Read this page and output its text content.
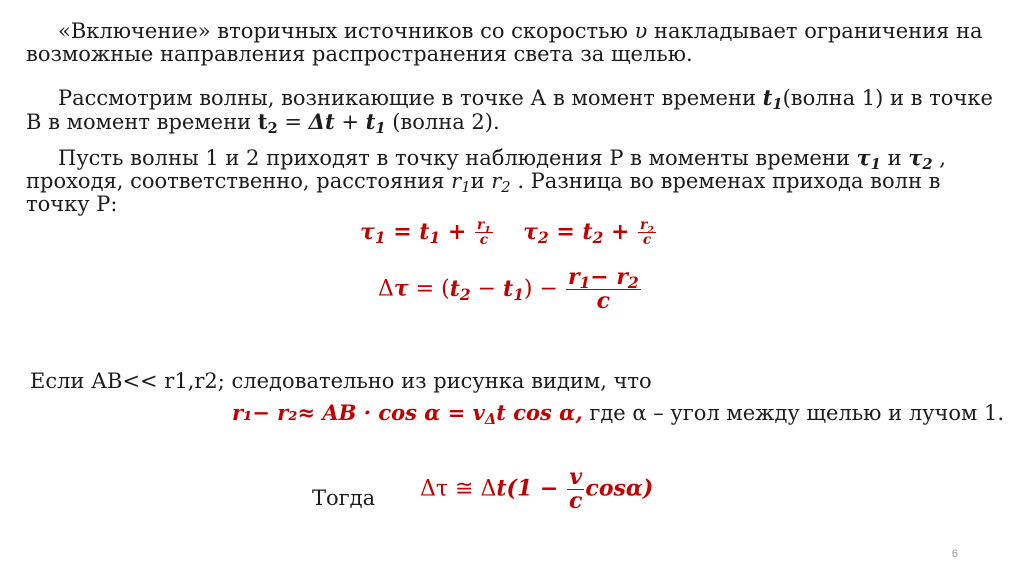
«Включение» вторичных источников со скоростью υ накладывает ограничения на возможные направления распространения света за щелью.

Рассмотрим волны, возникающие в точке А в момент времени $t_1(волна$ 1) и в точке В в момент времени $t_2 = \Delta t + t_1$ (волна 2).

Пусть волны 1 и 2 приходят в точку наблюдения Р в моменты времени $\tau_1$ и $\tau_2$ , проходя, соответственно, расстояния $r_1и$ $r_2$ . Разница во временах прихода волн в точку Р:

$\tau_1 = t_1 + \frac{r_1}{c} \tau_2 = t_2 + \frac{r_2}{c}$
$\Delta\tau = (t_2 - t_1) - \frac{r_1- r_2}{c}$

Если АВ<< r1,r2; следовательно из рисунка видим, что

r₁− r₂≈ AB · $\cos \alpha = v_\Delta t$ cos α, где α – угол между щелью и лучом 1.
Тогда Δτ ≅ $\Delta t(1 - \frac{v}{c} \cos\alpha)$
6
